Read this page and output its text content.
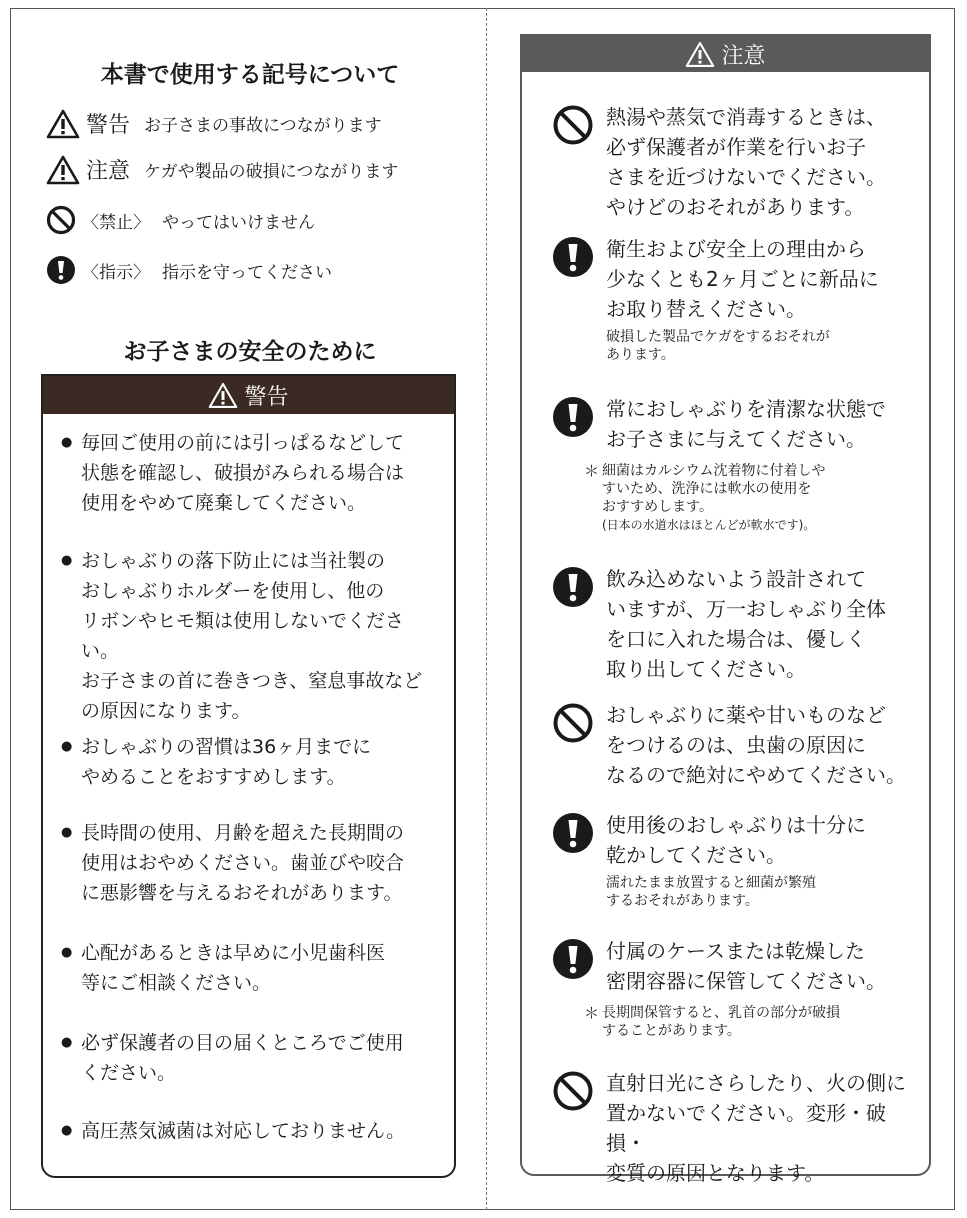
本書で使用する記号について
警告 お子さまの事故につながります
注意 ケガや製品の破損につながります
〈禁止〉 やってはいけません
〈指示〉 指示を守ってください
お子さまの安全のために
警告
● 毎回ご使用の前には引っぱるなどして
状態を確認し、破損がみられる場合は
使用をやめて廃棄してください。
● おしゃぶりの落下防止には当社製の
おしゃぶりホルダーを使用し、他の
リボンやヒモ類は使用しないでください。
お子さまの首に巻きつき、窒息事故など
の原因になります。
● おしゃぶりの習慣は36ヶ月までに
やめることをおすすめします。
● 長時間の使用、月齢を超えた長期間の
使用はおやめください。歯並びや咬合
に悪影響を与えるおそれがあります。
● 心配があるときは早めに小児歯科医
等にご相談ください。
● 必ず保護者の目の届くところでご使用
ください。
● 高圧蒸気滅菌は対応しておりません。
注意
熱湯や蒸気で消毒するときは、
必ず保護者が作業を行いお子
さまを近づけないでください。
やけどのおそれがあります。
衛生および安全上の理由から
少なくとも2ヶ月ごとに新品に
お取り替えください。
破損した製品でケガをするおそれが
あります。
常におしゃぶりを清潔な状態で
お子さまに与えてください。
＊ 細菌はカルシウム沈着物に付着しや
すいため、洗浄には軟水の使用を
おすすめします。
(日本の水道水はほとんどが軟水です)。
飲み込めないよう設計されて
いますが、万一おしゃぶり全体
を口に入れた場合は、優しく
取り出してください。
おしゃぶりに薬や甘いものなど
をつけるのは、虫歯の原因に
なるので絶対にやめてください。
使用後のおしゃぶりは十分に
乾かしてください。
濡れたまま放置すると細菌が繁殖
するおそれがあります。
付属のケースまたは乾燥した
密閉容器に保管してください。
＊ 長期間保管すると、乳首の部分が破損
することがあります。
直射日光にさらしたり、火の側に
置かないでください。変形・破損・
変質の原因となります。
